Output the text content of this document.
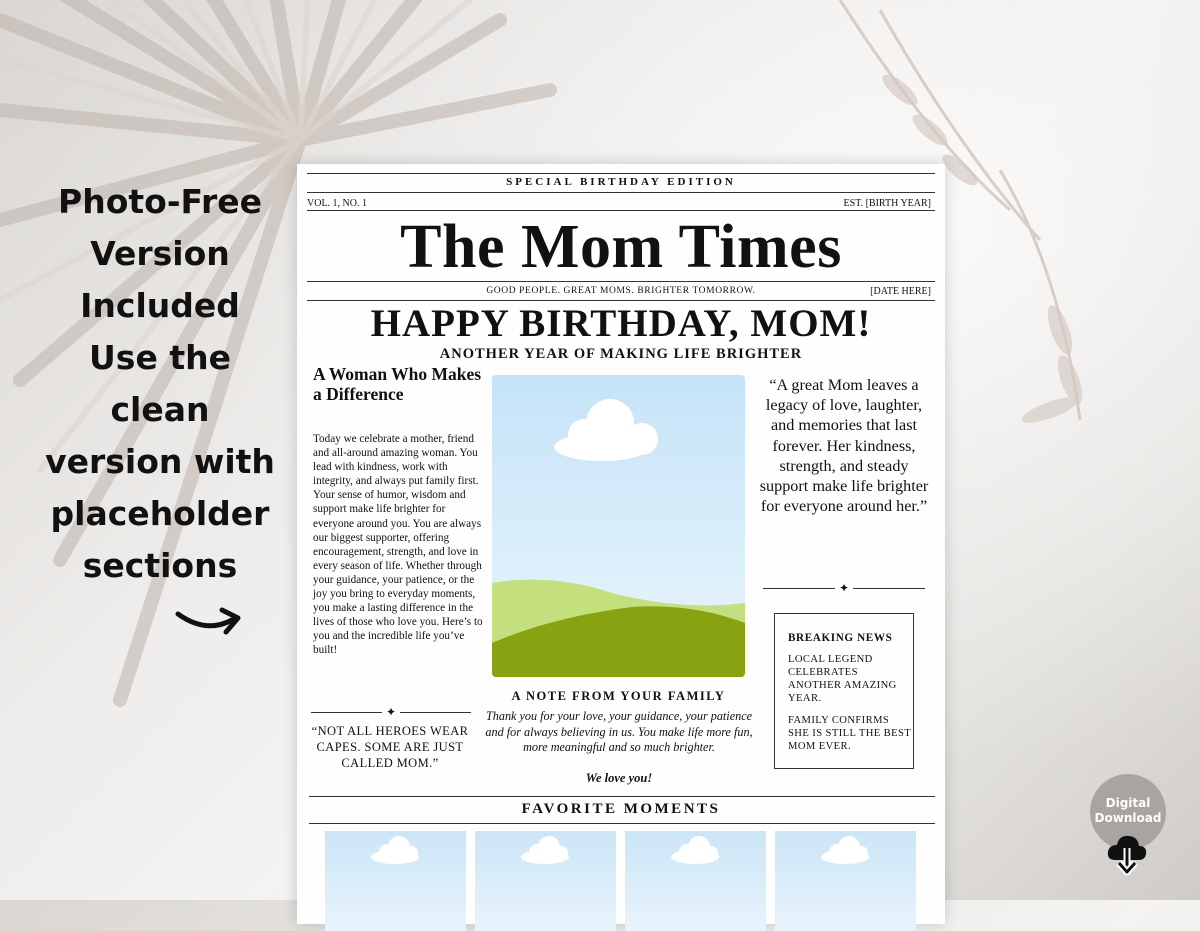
Photo-Free
Version
Included
Use the
clean
version with
placeholder
sections
SPECIAL BIRTHDAY EDITION
VOL. 1, NO. 1	EST. [BIRTH YEAR]
The Mom Times
GOOD PEOPLE. GREAT MOMS. BRIGHTER TOMORROW.	[DATE HERE]
HAPPY BIRTHDAY, MOM!
ANOTHER YEAR OF MAKING LIFE BRIGHTER
A Woman Who Makes a Difference
Today we celebrate a mother, friend and all-around amazing woman. You lead with kindness, work with integrity, and always put family first. Your sense of humor, wisdom and support make life brighter for everyone around you. You are always our biggest supporter, offering encouragement, strength, and love in every season of life. Whether through your guidance, your patience, or the joy you bring to everyday moments, you make a lasting difference in the lives of those who love you. Here’s to you and the incredible life you’ve built!
A NOTE FROM YOUR FAMILY
Thank you for your love, your guidance, your patience and for always believing in us. You make life more fun, more meaningful and so much brighter.
We love you!
“A great Mom leaves a legacy of love, laughter, and memories that last forever. Her kindness, strength, and steady support make life brighter for everyone around her.”
✦
BREAKING NEWS
LOCAL LEGEND CELEBRATES ANOTHER AMAZING YEAR.
FAMILY CONFIRMS SHE IS STILL THE BEST MOM EVER.
✦
“NOT ALL HEROES WEAR CAPES. SOME ARE JUST CALLED MOM.”
FAVORITE MOMENTS	Digital
Download
